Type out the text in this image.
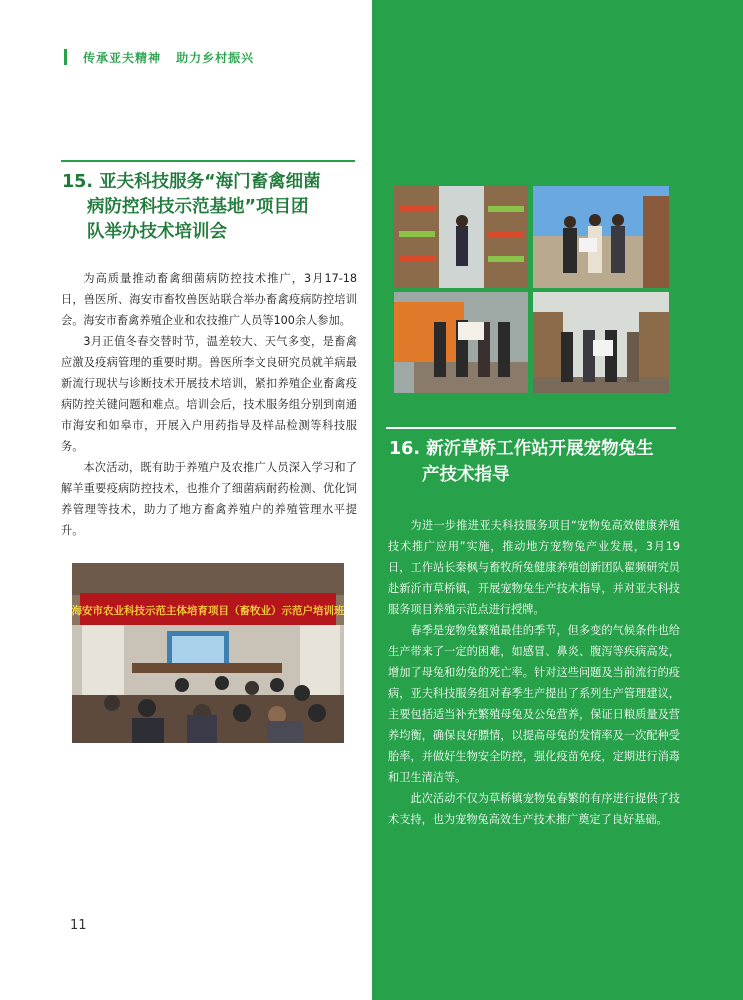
传承亚夫精神 助力乡村振兴
15. 亚夫科技服务“海门畜禽细菌
病防控科技示范基地”项目团
队举办技术培训会

为高质量推动畜禽细菌病防控技术推广，3月17-18日，兽医所、海安市畜牧兽医站联合举办畜禽疫病防控培训会。海安市畜禽养殖企业和农技推广人员等100余人参加。

3月正值冬春交替时节，温差较大、天气多变，是畜禽应激及疫病管理的重要时期。兽医所李文良研究员就羊病最新流行现状与诊断技术开展技术培训，紧扣养殖企业畜禽疫病防控关键问题和难点。培训会后，技术服务组分别到南通市海安和如皋市，开展入户用药指导及样品检测等科技服务。

本次活动，既有助于养殖户及农推广人员深入学习和了解羊重要疫病防控技术，也推介了细菌病耐药检测、优化饲养管理等技术，助力了地方畜禽养殖户的养殖管理水平提升。

海安市农业科技示范主体培育项目（畜牧业）示范户培训班
16. 新沂草桥工作站开展宠物兔生
产技术指导

为进一步推进亚夫科技服务项目“宠物兔高效健康养殖技术推广应用”实施，推动地方宠物兔产业发展，3月19日，工作站长秦枫与畜牧所兔健康养殖创新团队翟频研究员赴新沂市草桥镇，开展宠物兔生产技术指导，并对亚夫科技服务项目养殖示范点进行授牌。

春季是宠物兔繁殖最佳的季节，但多变的气候条件也给生产带来了一定的困难，如感冒、鼻炎、腹泻等疾病高发，增加了母兔和幼兔的死亡率。针对这些问题及当前流行的疫病，亚夫科技服务组对春季生产提出了系列生产管理建议，主要包括适当补充繁殖母兔及公兔营养，保证日粮质量及营养均衡，确保良好膘情，以提高母兔的发情率及一次配种受胎率，并做好生物安全防控，强化疫苗免疫，定期进行消毒和卫生清洁等。

此次活动不仅为草桥镇宠物兔春繁的有序进行提供了技术支持，也为宠物兔高效生产技术推广奠定了良好基础。

11
